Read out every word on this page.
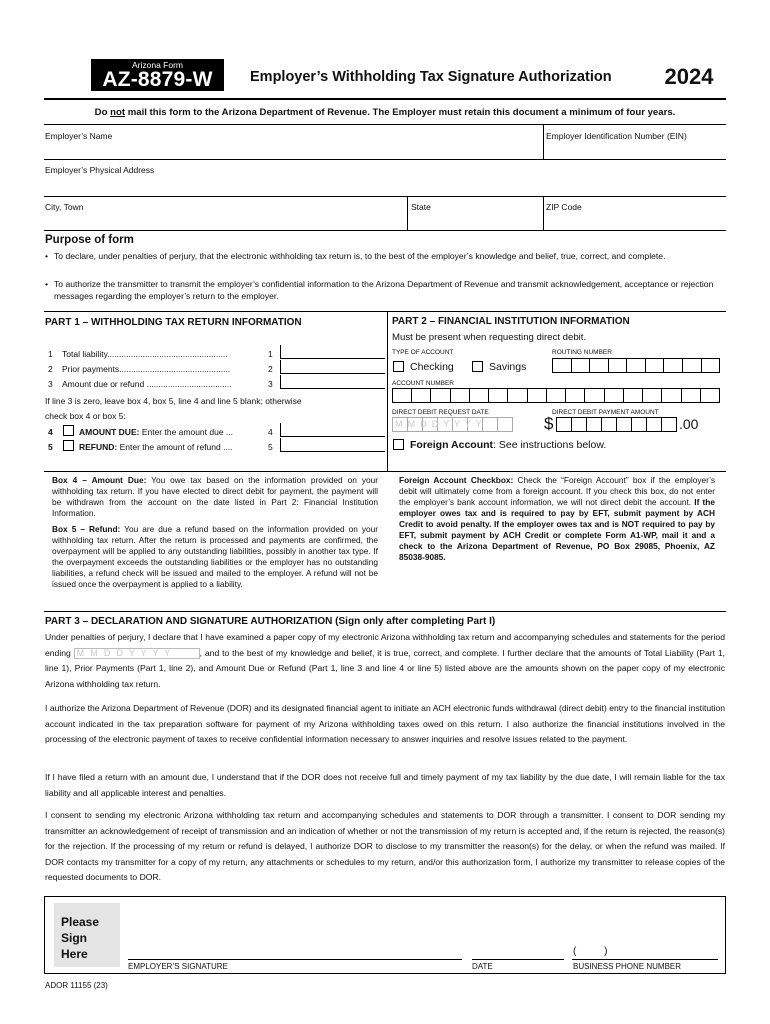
Arizona Form
AZ-8879-W	Employer’s Withholding Tax Signature Authorization	2024
Do not mail this form to the Arizona Department of Revenue. The Employer must retain this document a minimum of four years.
Employer’s Name	Employer Identification Number (EIN)
Employer’s Physical Address
City, Town	State	ZIP Code
Purpose of form
• To declare, under penalties of perjury, that the electronic withholding tax return is, to the best of the employer’s knowledge and belief, true, correct, and complete.
• To authorize the transmitter to transmit the employer’s confidential information to the Arizona Department of Revenue and transmit acknowledgement, acceptance or rejection messages regarding the employer’s return to the employer.
PART 1 – WITHHOLDING TAX RETURN INFORMATION
1 Total liability...................................................	1
2 Prior payments...............................................	2
3 Amount due or refund ....................................	3
If line 3 is zero, leave box 4, box 5, line 4 and line 5 blank; otherwise
check box 4 or box 5:
4	AMOUNT DUE: Enter the amount due ...	4
5	REFUND: Enter the amount of refund ....	5
PART 2 – FINANCIAL INSTITUTION INFORMATION
Must be present when requesting direct debit.
TYPE OF ACCOUNT	ROUTING NUMBER
Checking	Savings
ACCOUNT NUMBER
DIRECT DEBIT REQUEST DATE	DIRECT DEBIT PAYMENT AMOUNT
M M D D Y Y Y Y	$	.00
Foreign Account: See instructions below.
Box 4 – Amount Due: You owe tax based on the information provided on your withholding tax return. If you have elected to direct debit for payment, the payment will be withdrawn from the account on the date listed in Part 2: Financial Institution Information.
Box 5 – Refund: You are due a refund based on the information provided on your withholding tax return. After the return is processed and payments are confirmed, the overpayment will be applied to any outstanding liabilities, possibly in another tax type. If the overpayment exceeds the outstanding liabilities or the employer has no outstanding liabilities, a refund check will be issued and mailed to the employer. A refund will not be issued once the overpayment is applied to a liability.
Foreign Account Checkbox: Check the “Foreign Account” box if the employer’s debit will ultimately come from a foreign account. If you check this box, do not enter the employer’s bank account information, we will not direct debit the account. If the employer owes tax and is required to pay by EFT, submit payment by ACH Credit to avoid penalty. If the employer owes tax and is NOT required to pay by EFT, submit payment by ACH Credit or complete Form A1-WP, mail it and a check to the Arizona Department of Revenue, PO Box 29085, Phoenix, AZ 85038-9085.
PART 3 – DECLARATION AND SIGNATURE AUTHORIZATION (Sign only after completing Part I)
Under penalties of perjury, I declare that I have examined a paper copy of my electronic Arizona withholding tax return and accompanying schedules and statements for the period ending M M D D Y Y Y Y	, and to the best of my knowledge and belief, it is true, correct, and complete. I further declare that the amounts of Total Liability (Part 1, line 1), Prior Payments (Part 1, line 2), and Amount Due or Refund (Part 1, line 3 and line 4 or line 5) listed above are the amounts shown on the paper copy of my electronic Arizona withholding tax return.
I authorize the Arizona Department of Revenue (DOR) and its designated financial agent to initiate an ACH electronic funds withdrawal (direct debit) entry to the financial institution account indicated in the tax preparation software for payment of my Arizona withholding taxes owed on this return. I also authorize the financial institutions involved in the processing of the electronic payment of taxes to receive confidential information necessary to answer inquiries and resolve issues related to the payment.
If I have filed a return with an amount due, I understand that if the DOR does not receive full and timely payment of my tax liability by the due date, I will remain liable for the tax liability and all applicable interest and penalties.
I consent to sending my electronic Arizona withholding tax return and accompanying schedules and statements to DOR through a transmitter. I consent to DOR sending my transmitter an acknowledgement of receipt of transmission and an indication of whether or not the transmission of my return is accepted and, if the return is rejected, the reason(s) for the rejection. If the processing of my return or refund is delayed, I authorize DOR to disclose to my transmitter the reason(s) for the delay, or when the refund was mailed. If DOR contacts my transmitter for a copy of my return, any attachments or schedules to my return, and/or this authorization form, I authorize my transmitter to release copies of the requested documents to DOR.
Please
Sign
Here
EMPLOYER’S SIGNATURE	DATE
(          )
BUSINESS PHONE NUMBER
ADOR 11155 (23)
